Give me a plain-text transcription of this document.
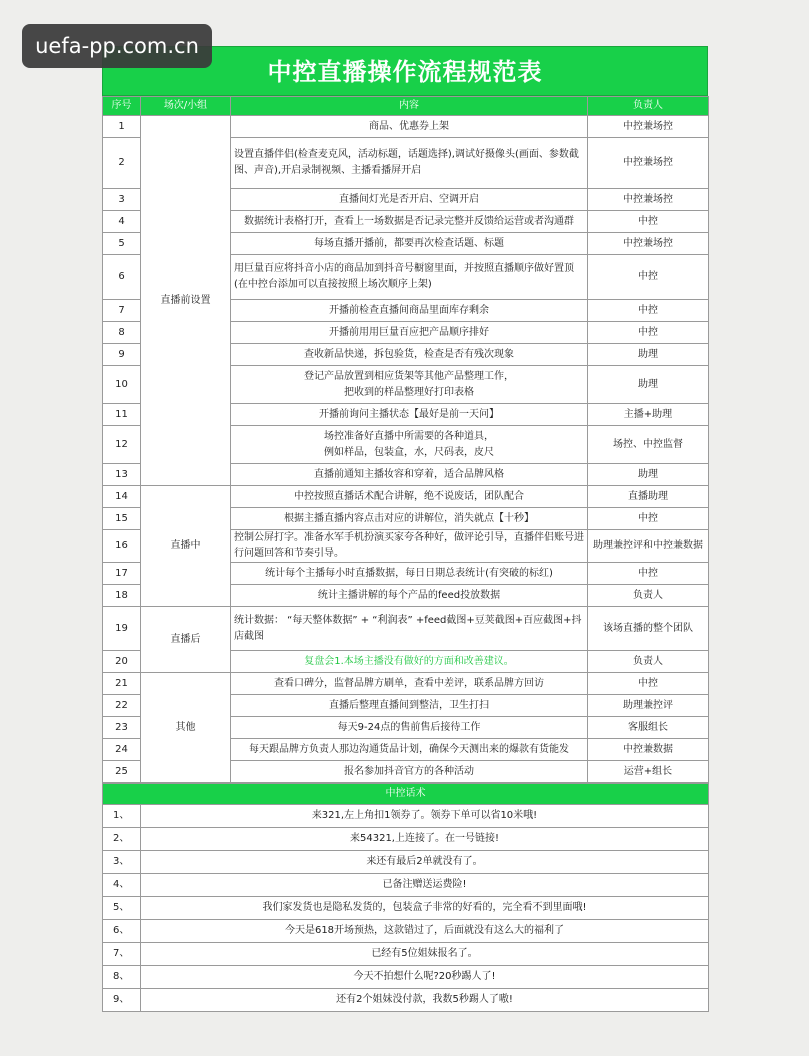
uefa-pp.com.cn
中控直播操作流程规范表
序号	场次/小组	内容	负责人
1	直播前设置	商品、优惠券上架	中控兼场控
2		设置直播伴侣(检查麦克风，活动标题，话题选择),调试好摄像头(画面、参数截图、声音),开启录制视频、主播看播屏开启	中控兼场控
3		直播间灯光是否开启、空调开启	中控兼场控
4		数据统计表格打开，查看上一场数据是否记录完整并反馈给运营或者沟通群	中控
5		每场直播开播前，都要再次检查话题、标题	中控兼场控
6		用巨量百应将抖音小店的商品加到抖音号橱窗里面，并按照直播顺序做好置顶(在中控台添加可以直接按照上场次顺序上架)	中控
7		开播前检查直播间商品里面库存剩余	中控
8		开播前用用巨量百应把产品顺序排好	中控
9		查收新品快递，拆包验货，检查是否有残次现象	助理
10		登记产品放置到相应货架等其他产品整理工作，
把收到的样品整理好打印表格	助理
11		开播前询问主播状态【最好是前一天问】	主播+助理
12		场控准备好直播中所需要的各种道具，
例如样品，包装盒，水，尺码表，皮尺	场控、中控监督
13		直播前通知主播妆容和穿着，适合品牌风格	助理
14	直播中	中控按照直播话术配合讲解，绝不说废话，团队配合	直播助理
15		根据主播直播内容点击对应的讲解位，消失就点【十秒】	中控
16		控制公屏打字。准备水军手机扮演买家夸各种好，做评论引导，直播伴侣账号进行问题回答和节奏引导。	助理兼控评和中控兼数据
17		统计每个主播每小时直播数据，每日日期总表统计(有突破的标红)	中控
18		统计主播讲解的每个产品的feed投放数据	负责人
19	直播后	统计数据： “每天整体数据” + “利润表” +feed截图+豆荚截图+百应截图+抖店截图	该场直播的整个团队
20		复盘会1.本场主播没有做好的方面和改善建议。	负责人
21	其他	查看口碑分，监督品牌方刷单，查看中差评，联系品牌方回访	中控
22		直播后整理直播间到整洁，卫生打扫	助理兼控评
23		每天9-24点的售前售后接待工作	客服组长
24		每天跟品牌方负责人那边沟通货品计划，确保今天测出来的爆款有货能发	中控兼数据
25		报名参加抖音官方的各种活动	运营+组长
中控话术	
1、	来321,左上角扣1领券了。领券下单可以省10米哦!
2、	来54321,上连接了。在一号链接!
3、	来还有最后2单就没有了。
4、	已备注赠送运费险!
5、	我们家发货也是隐私发货的，包装盒子非常的好看的，完全看不到里面哦!
6、	今天是618开场预热，这款错过了，后面就没有这么大的福利了
7、	已经有5位姐妹报名了。
8、	今天不拍想什么呢?20秒踢人了!
9、	还有2个姐妹没付款，我数5秒踢人了嗷!
